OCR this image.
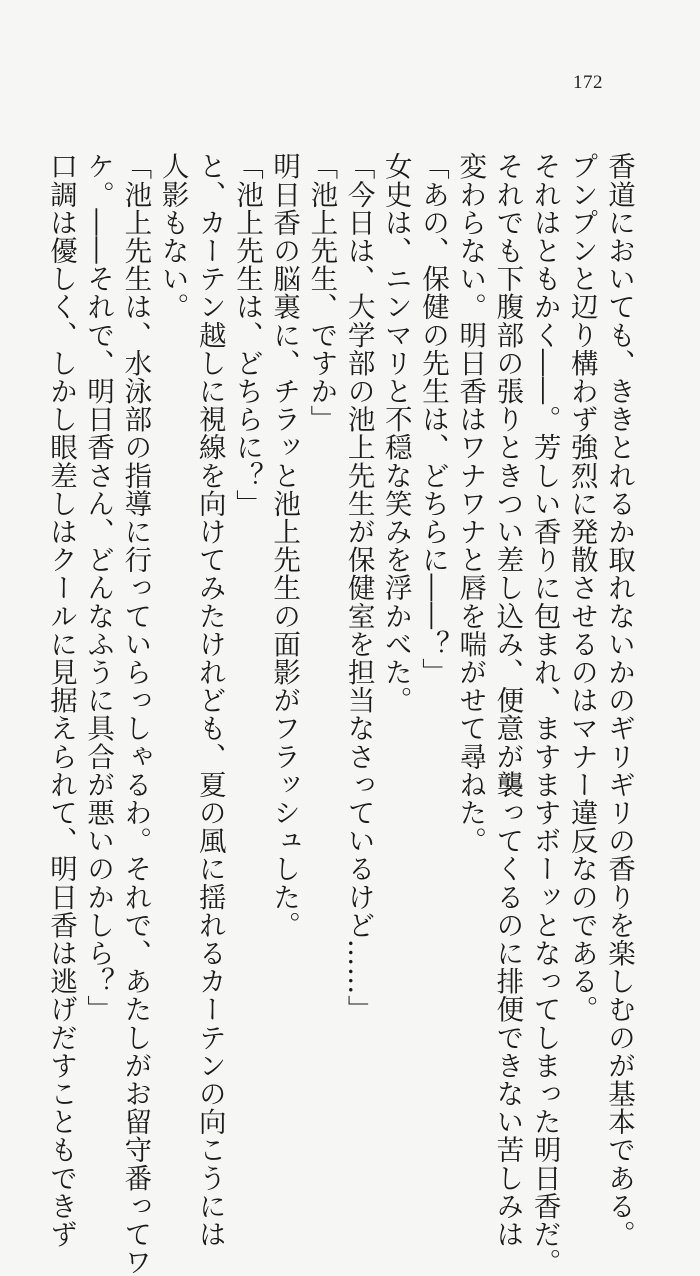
172
香道においても、ききとれるか取れないかのギリギリの香りを楽しむのが基本である。
プンプンと辺り構わず強烈に発散させるのはマナー違反なのである。
それはともかく――。芳しい香りに包まれ、ますますボーッとなってしまった明日香だ。
それでも下腹部の張りときつい差し込み、便意が襲ってくるのに排便できない苦しみは
変わらない。明日香はワナワナと唇を喘がせて尋ねた。
「あの、保健の先生は、どちらに――？」
女史は、ニンマリと不穏な笑みを浮かべた。
「今日は、大学部の池上先生が保健室を担当なさっているけど……」
「池上先生、ですか」
明日香の脳裏に、チラッと池上先生の面影がフラッシュした。
「池上先生は、どちらに？」
と、カーテン越しに視線を向けてみたけれども、夏の風に揺れるカーテンの向こうには
人影もない。
「池上先生は、水泳部の指導に行っていらっしゃるわ。それで、あたしがお留守番ってワ
ケ。――それで、明日香さん、どんなふうに具合が悪いのかしら？」
口調は優しく、しかし眼差しはクールに見据えられて、明日香は逃げだすこともできず
